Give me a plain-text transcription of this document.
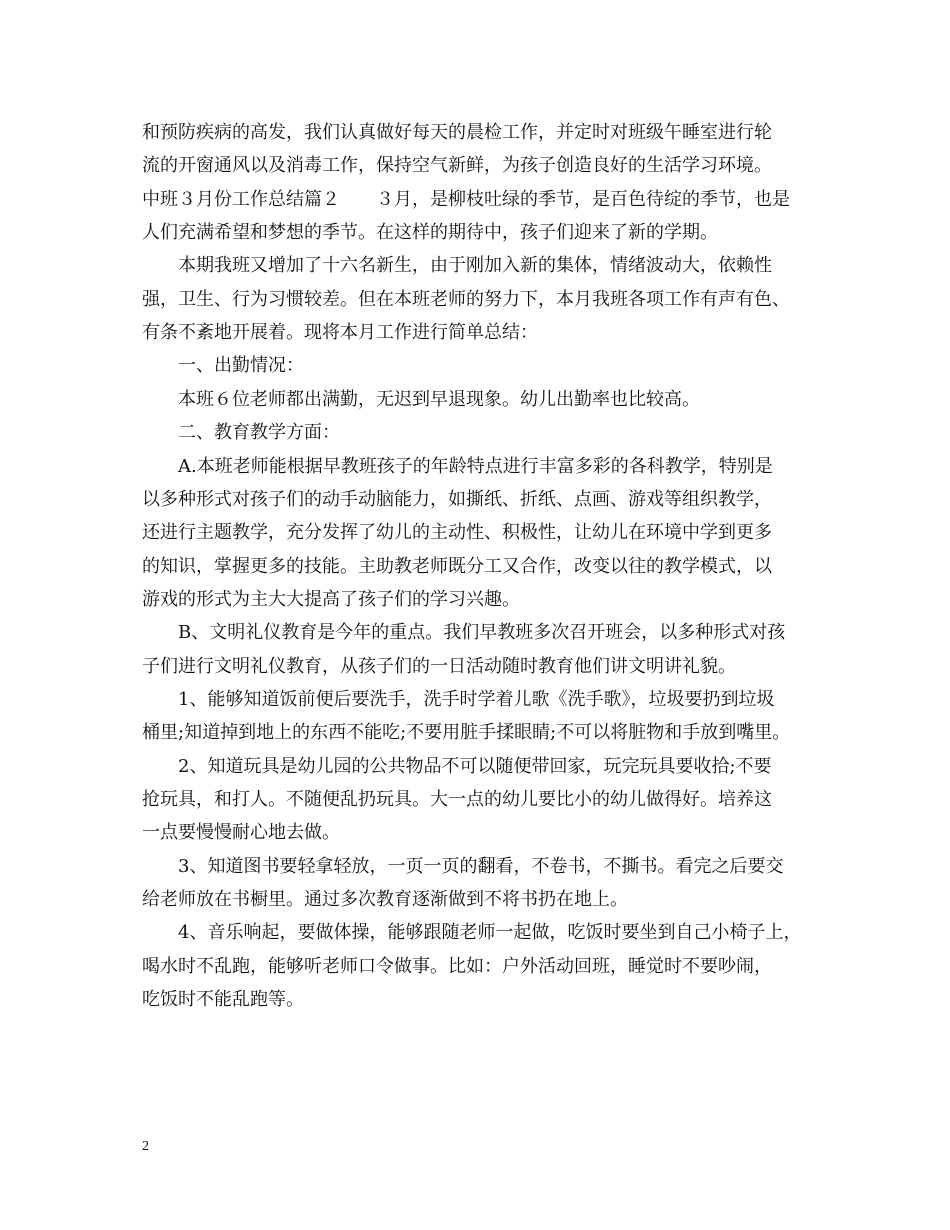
和预防疾病的高发，我们认真做好每天的晨检工作，并定时对班级午睡室进行轮
流的开窗通风以及消毒工作，保持空气新鲜，为孩子创造良好的生活学习环境。
中班３月份工作总结篇２　　３月，是柳枝吐绿的季节，是百色待绽的季节，也是
人们充满希望和梦想的季节。在这样的期待中，孩子们迎来了新的学期。
　　本期我班又增加了十六名新生，由于刚加入新的集体，情绪波动大，依赖性
强，卫生、行为习惯较差。但在本班老师的努力下，本月我班各项工作有声有色、
有条不紊地开展着。现将本月工作进行简单总结：
　　一、出勤情况：
　　本班６位老师都出满勤，无迟到早退现象。幼儿出勤率也比较高。
　　二、教育教学方面：
　　A.本班老师能根据早教班孩子的年龄特点进行丰富多彩的各科教学，特别是
以多种形式对孩子们的动手动脑能力，如撕纸、折纸、点画、游戏等组织教学，
还进行主题教学，充分发挥了幼儿的主动性、积极性，让幼儿在环境中学到更多
的知识，掌握更多的技能。主助教老师既分工又合作，改变以往的教学模式，以
游戏的形式为主大大提高了孩子们的学习兴趣。
　　B、文明礼仪教育是今年的重点。我们早教班多次召开班会，以多种形式对孩
子们进行文明礼仪教育，从孩子们的一日活动随时教育他们讲文明讲礼貌。
　　1、能够知道饭前便后要洗手，洗手时学着儿歌《洗手歌》，垃圾要扔到垃圾
桶里;知道掉到地上的东西不能吃;不要用脏手揉眼睛;不可以将脏物和手放到嘴里。
　　2、知道玩具是幼儿园的公共物品不可以随便带回家，玩完玩具要收拾;不要
抢玩具，和打人。不随便乱扔玩具。大一点的幼儿要比小的幼儿做得好。培养这
一点要慢慢耐心地去做。
　　3、知道图书要轻拿轻放，一页一页的翻看，不卷书，不撕书。看完之后要交
给老师放在书橱里。通过多次教育逐渐做到不将书扔在地上。
　　4、音乐响起，要做体操，能够跟随老师一起做，吃饭时要坐到自己小椅子上，
喝水时不乱跑，能够听老师口令做事。比如：户外活动回班，睡觉时不要吵闹，
吃饭时不能乱跑等。
2
